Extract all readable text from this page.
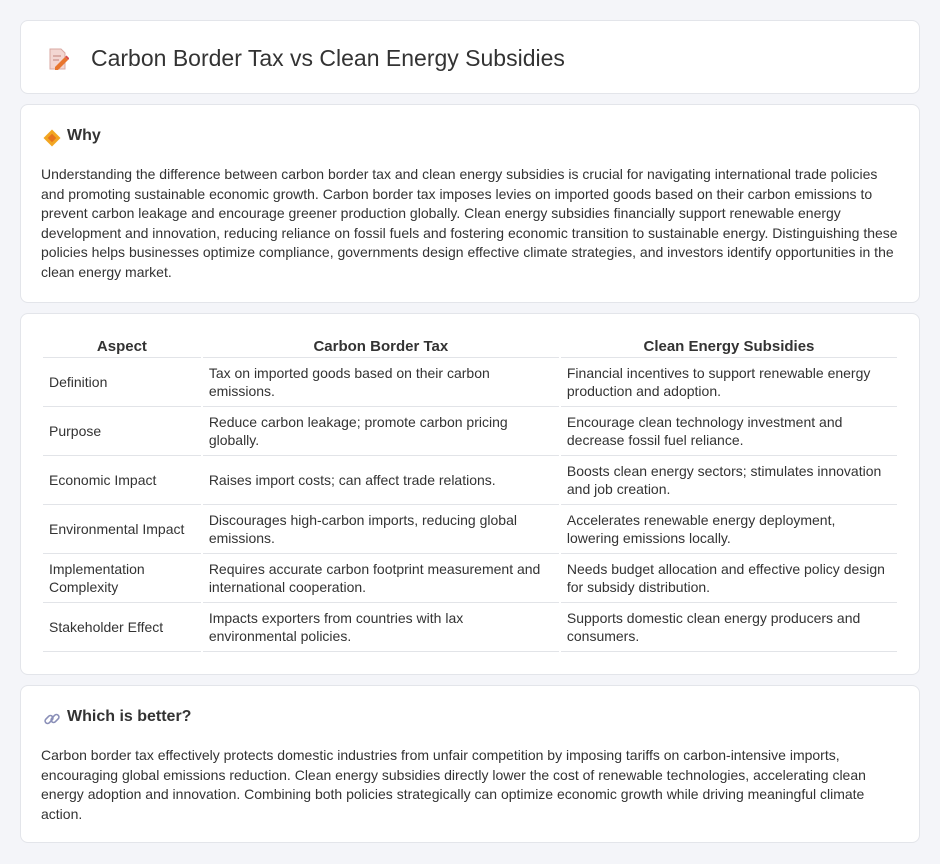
Carbon Border Tax vs Clean Energy Subsidies
Why

Understanding the difference between carbon border tax and clean energy subsidies is crucial for navigating international trade policies and promoting sustainable economic growth. Carbon border tax imposes levies on imported goods based on their carbon emissions to prevent carbon leakage and encourage greener production globally. Clean energy subsidies financially support renewable energy development and innovation, reducing reliance on fossil fuels and fostering economic transition to sustainable energy. Distinguishing these policies helps businesses optimize compliance, governments design effective climate strategies, and investors identify opportunities in the clean energy market.

Aspect	Carbon Border Tax	Clean Energy Subsidies
Definition	Tax on imported goods based on their carbon emissions.	Financial incentives to support renewable energy production and adoption.
Purpose	Reduce carbon leakage; promote carbon pricing globally.	Encourage clean technology investment and decrease fossil fuel reliance.
Economic Impact	Raises import costs; can affect trade relations.	Boosts clean energy sectors; stimulates innovation and job creation.
Environmental Impact	Discourages high-carbon imports, reducing global emissions.	Accelerates renewable energy deployment, lowering emissions locally.
Implementation Complexity	Requires accurate carbon footprint measurement and international cooperation.	Needs budget allocation and effective policy design for subsidy distribution.
Stakeholder Effect	Impacts exporters from countries with lax environmental policies.	Supports domestic clean energy producers and consumers.
Which is better?

Carbon border tax effectively protects domestic industries from unfair competition by imposing tariffs on carbon-intensive imports, encouraging global emissions reduction. Clean energy subsidies directly lower the cost of renewable technologies, accelerating clean energy adoption and innovation. Combining both policies strategically can optimize economic growth while driving meaningful climate action.
